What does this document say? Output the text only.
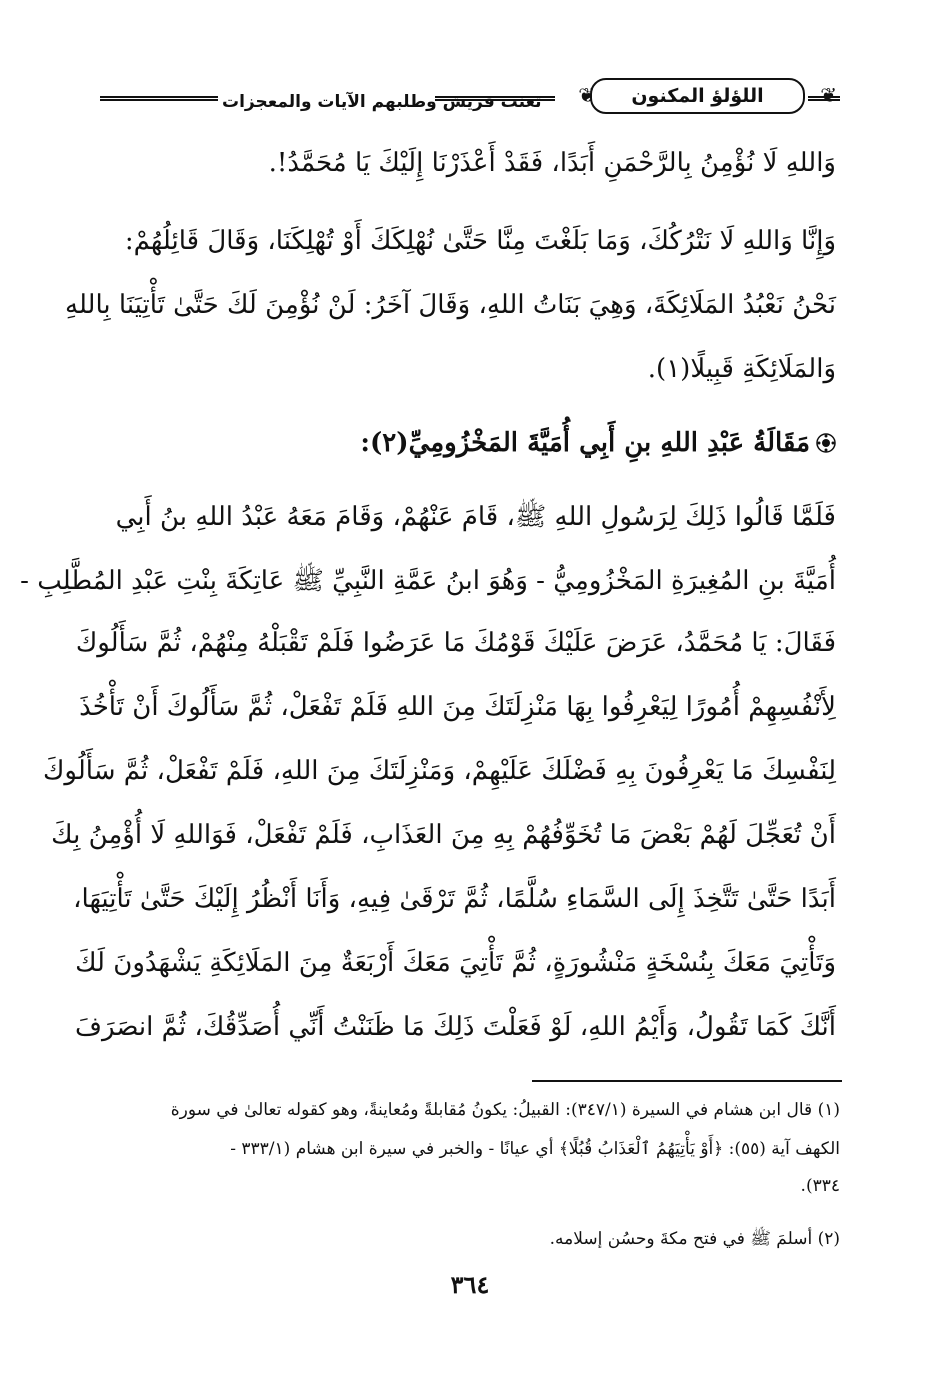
تعنت قريش وطلبهم الآيات والمعجزات ❦	اللؤلؤ المكنون	❦
وَاللهِ لَا نُؤْمِنُ بِالرَّحْمَنِ أَبَدًا، فَقَدْ أَعْذَرْنَا إِلَيْكَ يَا مُحَمَّدُ!.
وَإِنَّا وَاللهِ لَا نَتْرُكُكَ، وَمَا بَلَغْتَ مِنَّا حَتَّىٰ نُهْلِكَكَ أَوْ تُهْلِكَنَا، وَقَالَ قَائِلُهُمْ:
نَحْنُ نَعْبُدُ المَلَائِكَةَ، وَهِيَ بَنَاتُ اللهِ، وَقَالَ آخَرُ: لَنْ نُؤْمِنَ لَكَ حَتَّىٰ تَأْتِيَنَا بِاللهِ
وَالمَلَائِكَةِ قَبِيلًا(١).
مَقَالَةُ عَبْدِ اللهِ بنِ أَبِي أُمَيَّةَ المَخْزُومِيِّ(٢):
فَلَمَّا قَالُوا ذَلِكَ لِرَسُولِ اللهِ ﷺ، قَامَ عَنْهُمْ، وَقَامَ مَعَهُ عَبْدُ اللهِ بنُ أَبِي
أُمَيَّةَ بنِ المُغِيرَةِ المَخْزُومِيُّ - وَهُوَ ابنُ عَمَّةِ النَّبِيِّ ﷺ عَاتِكَةَ بِنْتِ عَبْدِ المُطَّلِبِ -
فَقَالَ: يَا مُحَمَّدُ، عَرَضَ عَلَيْكَ قَوْمُكَ مَا عَرَضُوا فَلَمْ تَقْبَلْهُ مِنْهُمْ، ثُمَّ سَأَلُوكَ
لِأَنْفُسِهِمْ أُمُورًا لِيَعْرِفُوا بِهَا مَنْزِلَتَكَ مِنَ اللهِ فَلَمْ تَفْعَلْ، ثُمَّ سَأَلُوكَ أَنْ تَأْخُذَ
لِنَفْسِكَ مَا يَعْرِفُونَ بِهِ فَضْلَكَ عَلَيْهِمْ، وَمَنْزِلَتَكَ مِنَ اللهِ، فَلَمْ تَفْعَلْ، ثُمَّ سَأَلُوكَ
أَنْ تُعَجِّلَ لَهُمْ بَعْضَ مَا تُخَوِّفُهُمْ بِهِ مِنَ العَذَابِ، فَلَمْ تَفْعَلْ، فَوَاللهِ لَا أُؤْمِنُ بِكَ
أَبَدًا حَتَّىٰ تَتَّخِذَ إِلَى السَّمَاءِ سُلَّمًا، ثُمَّ تَرْقَىٰ فِيهِ، وَأَنَا أَنْظُرُ إِلَيْكَ حَتَّىٰ تَأْتِيَهَا،
وَتَأْتِيَ مَعَكَ بِنُسْخَةٍ مَنْشُورَةٍ، ثُمَّ تَأْتِيَ مَعَكَ أَرْبَعَةٌ مِنَ المَلَائِكَةِ يَشْهَدُونَ لَكَ
أَنَّكَ كَمَا تَقُولُ، وَأَيْمُ اللهِ، لَوْ فَعَلْتَ ذَلِكَ مَا ظَنَنْتُ أَنِّي أُصَدِّقُكَ، ثُمَّ انصَرَفَ
(١) قال ابن هشام في السيرة (٣٤٧/١): القبيلُ: يكونُ مُقابلةً ومُعاينةً، وهو كقوله تعالىٰ في سورة
الكهف آية (٥٥): ﴿أَوْ يَأْتِيَهُمُ ٱلْعَذَابُ قُبُلًا﴾ أي عيانًا - والخبر في سيرة ابن هشام (٣٣٣/١ -
٣٣٤).
(٢) أسلمَ ﷺ في فتح مكةَ وحسُن إسلامه.
٣٦٤
